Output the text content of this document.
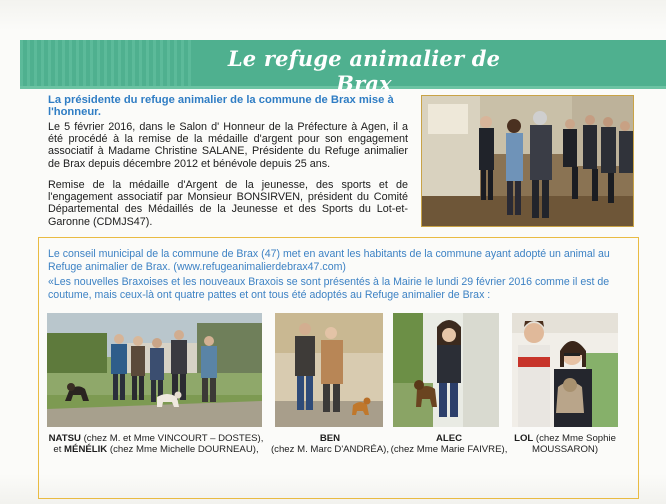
Le refuge animalier de Brax
La présidente du refuge animalier de la commune de Brax mise à l'honneur.
Le 5 février 2016, dans le Salon d' Honneur de la Préfecture à Agen, il a été procédé à la remise de la médaille d'argent pour son engagement associatif à Madame Christine SALANE, Présidente du Refuge animalier de Brax depuis décembre 2012 et bénévole depuis 25 ans.
Remise de la médaille d'Argent de la jeunesse, des sports et de l'engagement associatif par Monsieur BONSIRVEN, président du Comité Départemental des Médaillés de la Jeunesse et des Sports du Lot-et-Garonne (CDMJS47).
Le conseil municipal de la commune de Brax (47) met en avant les habitants de la commune ayant adopté un animal au Refuge animalier de Brax. (www.refugeanimalierdebrax47.com)
«Les nouvelles Braxoises et les nouveaux Braxois se sont présentés à la Mairie le lundi 29 février 2016 comme il est de coutume, mais ceux-là ont quatre pattes et ont tous été adoptés au Refuge animalier de Brax :
NATSU (chez M. et Mme VINCOURT – DOSTES),
et MÉNÉLIK (chez Mme Michelle DOURNEAU),
BEN
(chez M. Marc D'ANDRÉA),
ALEC
(chez Mme Marie FAIVRE),
LOL (chez Mme Sophie MOUSSARON)
